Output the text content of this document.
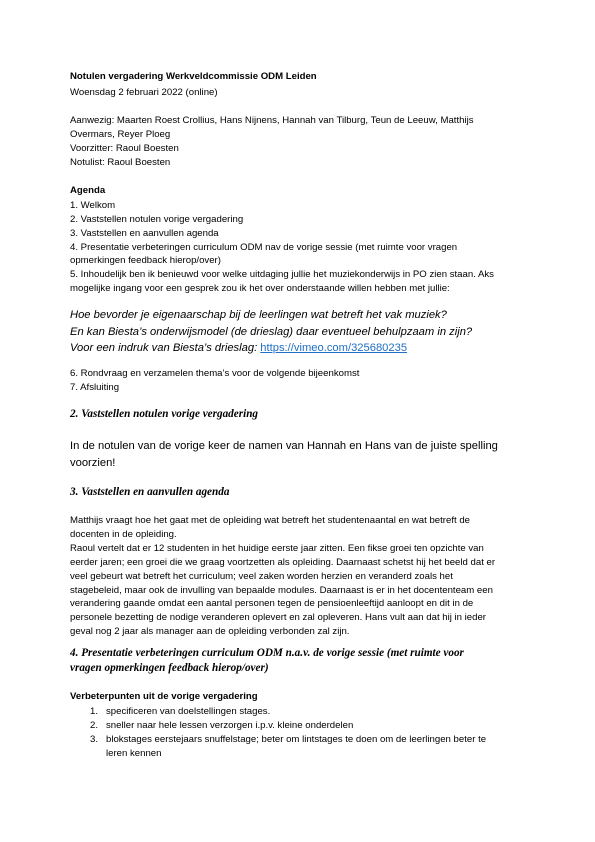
Notulen vergadering Werkveldcommissie ODM Leiden
Woensdag 2 februari 2022 (online)
Aanwezig: Maarten Roest Crollius, Hans Nijnens, Hannah van Tilburg, Teun de Leeuw, Matthijs
Overmars, Reyer Ploeg
Voorzitter: Raoul Boesten
Notulist: Raoul Boesten
Agenda
1. Welkom
2. Vaststellen notulen vorige vergadering
3. Vaststellen en aanvullen agenda
4. Presentatie verbeteringen curriculum ODM nav de vorige sessie (met ruimte voor vragen
opmerkingen feedback hierop/over)
5. Inhoudelijk ben ik benieuwd voor welke uitdaging jullie het muziekonderwijs in PO zien staan. Aks
mogelijke ingang voor een gesprek zou ik het over onderstaande willen hebben met jullie:
Hoe bevorder je eigenaarschap bij de leerlingen wat betreft het vak muziek?
En kan Biesta’s onderwijsmodel (de drieslag) daar eventueel behulpzaam in zijn?
Voor een indruk van Biesta’s drieslag: https://vimeo.com/325680235
6. Rondvraag en verzamelen thema’s voor de volgende bijeenkomst
7. Afsluiting
2. Vaststellen notulen vorige vergadering
In de notulen van de vorige keer de namen van Hannah en Hans van de juiste spelling
voorzien!
3. Vaststellen en aanvullen agenda
Matthijs vraagt hoe het gaat met de opleiding wat betreft het studentenaantal en wat betreft de
docenten in de opleiding.
Raoul vertelt dat er 12 studenten in het huidige eerste jaar zitten. Een fikse groei ten opzichte van
eerder jaren; een groei die we graag voortzetten als opleiding. Daarnaast schetst hij het beeld dat er
veel gebeurt wat betreft het curriculum; veel zaken worden herzien en veranderd zoals het
stagebeleid, maar ook de invulling van bepaalde modules. Daarnaast is er in het docententeam een
verandering gaande omdat een aantal personen tegen de pensioenleeftijd aanloopt en dit in de
personele bezetting de nodige veranderen oplevert en zal opleveren. Hans vult aan dat hij in ieder
geval nog 2 jaar als manager aan de opleiding verbonden zal zijn.
4. Presentatie verbeteringen curriculum ODM n.a.v. de vorige sessie (met ruimte voor
vragen opmerkingen feedback hierop/over)
Verbeterpunten uit de vorige vergadering
1. specificeren van doelstellingen stages.
2. sneller naar hele lessen verzorgen i.p.v. kleine onderdelen
3. blokstages eerstejaars snuffelstage; beter om lintstages te doen om de leerlingen beter te
leren kennen
